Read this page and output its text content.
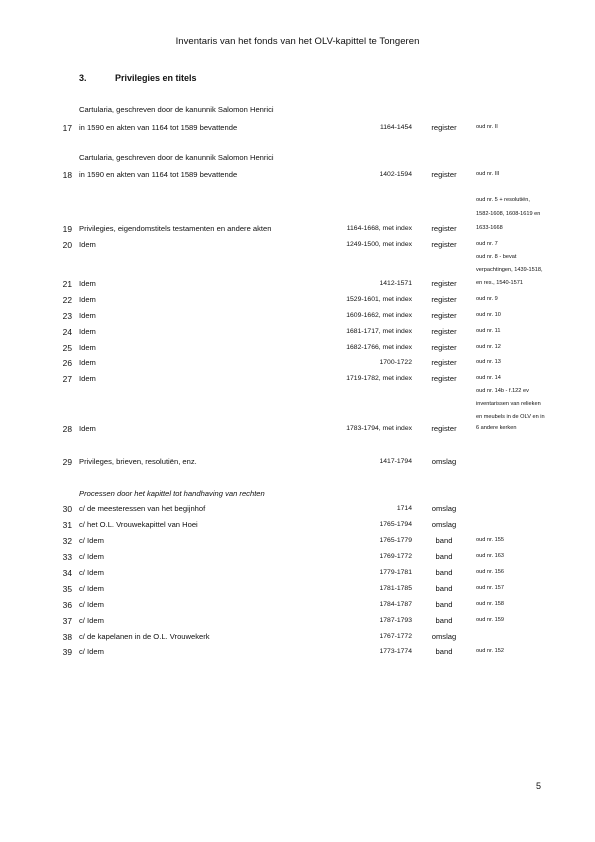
Inventaris van het fonds van het OLV-kapittel te Tongeren
3.	Privilegies en titels
Cartularia, geschreven door de kanunnik Salomon Henrici
17 in 1590 en akten van 1164 tot 1589 bevattende	1164-1454	register	oud nr. II
Cartularia, geschreven door de kanunnik Salomon Henrici
18 in 1590 en akten van 1164 tot 1589 bevattende	1402-1594	register	oud nr. III
oud nr. 5 + resolutiën,
1582-1608, 1608-1619 en
19 Privilegies, eigendomstitels testamenten en andere akten	1164-1668, met index	register	1633-1668
20 Idem	1249-1500, met index	register	oud nr. 7
oud nr. 8 - bevat
verpachtingen, 1439-1518,
21 Idem	1412-1571	register	en res., 1540-1571
22 Idem	1529-1601, met index	register	oud nr. 9
23 Idem	1609-1662, met index	register	oud nr. 10
24 Idem	1681-1717, met index	register	oud nr. 11
25 Idem	1682-1766, met index	register	oud nr. 12
26 Idem	1700-1722	register	oud nr. 13
27 Idem	1719-1782, met index	register	oud nr. 14
oud nr. 14b - f.122 ev
inventarissen van relieken
en meubels in de OLV en in
28 Idem	1783-1794, met index	register	6 andere kerken
29 Privileges, brieven, resolutiën, enz.	1417-1794	omslag
Processen door het kapittel tot handhaving van rechten
30 c/ de meesteressen van het begijnhof	1714	omslag
31 c/ het O.L. Vrouwekapittel van Hoei	1765-1794	omslag
32 c/ Idem	1765-1779	band	oud nr. 155
33 c/ Idem	1769-1772	band	oud nr. 163
34 c/ Idem	1779-1781	band	oud nr. 156
35 c/ Idem	1781-1785	band	oud nr. 157
36 c/ Idem	1784-1787	band	oud nr. 158
37 c/ Idem	1787-1793	band	oud nr. 159
38 c/ de kapelanen in de O.L. Vrouwekerk	1767-1772	omslag
39 c/ Idem	1773-1774	band	oud nr. 152
5
